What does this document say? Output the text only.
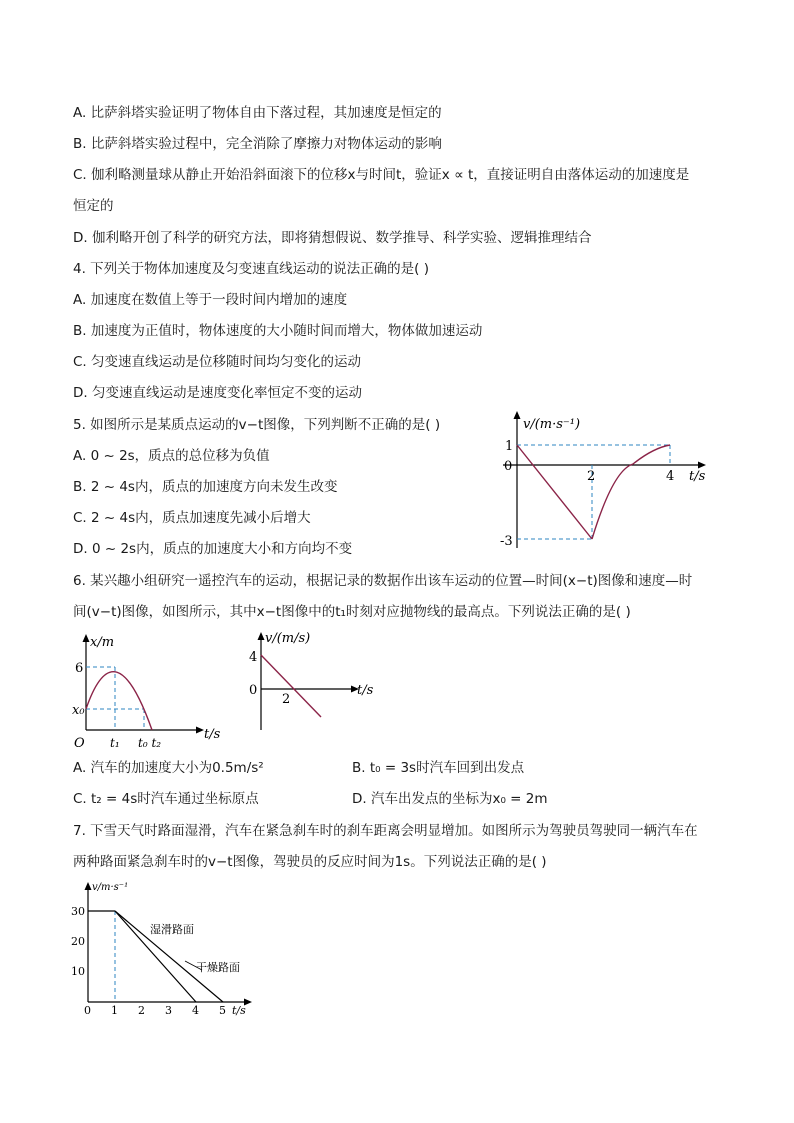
A. 比萨斜塔实验证明了物体自由下落过程，其加速度是恒定的
B. 比萨斜塔实验过程中，完全消除了摩擦力对物体运动的影响
C. 伽利略测量球从静止开始沿斜面滚下的位移x与时间t，验证x ∝ t，直接证明自由落体运动的加速度是
恒定的
D. 伽利略开创了科学的研究方法，即将猜想假说、数学推导、科学实验、逻辑推理结合
4. 下列关于物体加速度及匀变速直线运动的说法正确的是( )
A. 加速度在数值上等于一段时间内增加的速度
B. 加速度为正值时，物体速度的大小随时间而增大，物体做加速运动
C. 匀变速直线运动是位移随时间均匀变化的运动
D. 匀变速直线运动是速度变化率恒定不变的运动
5. 如图所示是某质点运动的v−t图像，下列判断不正确的是( )
A. 0 ~ 2s，质点的总位移为负值
B. 2 ~ 4s内，质点的加速度方向未发生改变
C. 2 ~ 4s内，质点加速度先减小后增大
D. 0 ~ 2s内，质点的加速度大小和方向均不变
v/(m·s⁻¹)
t/s
0
1
-3
2	4
6. 某兴趣小组研究一遥控汽车的运动，根据记录的数据作出该车运动的位置—时间(x−t)图像和速度—时
间(v−t)图像，如图所示，其中x−t图像中的t₁时刻对应抛物线的最高点。下列说法正确的是( )
x/m
t/s
6
x₀
O t₁ t₀ t₂
v/(m/s)
t/s
4
0
2
A. 汽车的加速度大小为0.5m/s²	B. t₀ = 3s时汽车回到出发点
C. t₂ = 4s时汽车通过坐标原点	D. 汽车出发点的坐标为x₀ = 2m
7. 下雪天气时路面湿滑，汽车在紧急刹车时的刹车距离会明显增加。如图所示为驾驶员驾驶同一辆汽车在
两种路面紧急刹车时的v−t图像，驾驶员的反应时间为1s。下列说法正确的是( )
v/m·s⁻¹
t/s
湿滑路面
干燥路面
30
20
10
0 1 2 3 4 5
